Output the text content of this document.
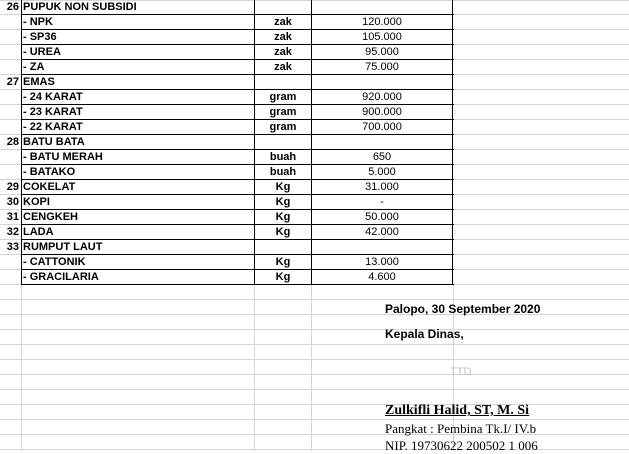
26 PUPUK NON SUBSIDI
- NPK	zak	120.000
- SP36	zak	105.000
- UREA	zak	95.000
- ZA	zak	75.000
27 EMAS
- 24 KARAT	gram	920.000
- 23 KARAT	gram	900.000
- 22 KARAT	gram	700.000
28 BATU BATA
- BATU MERAH	buah	650
- BATAKO	buah	5.000
29 COKELAT	Kg	31.000
30 KOPI	Kg	-
31 CENGKEH	Kg	50.000
32 LADA	Kg	42.000
33 RUMPUT LAUT
- CATTONIK	Kg	13.000
- GRACILARIA	Kg	4.600
Palopo, 30 September 2020
Kepala Dinas,
TTD
Zulkifli Halid, ST, M. Si
Pangkat : Pembina Tk.I/ IV.b
NIP. 19730622 200502 1 006
